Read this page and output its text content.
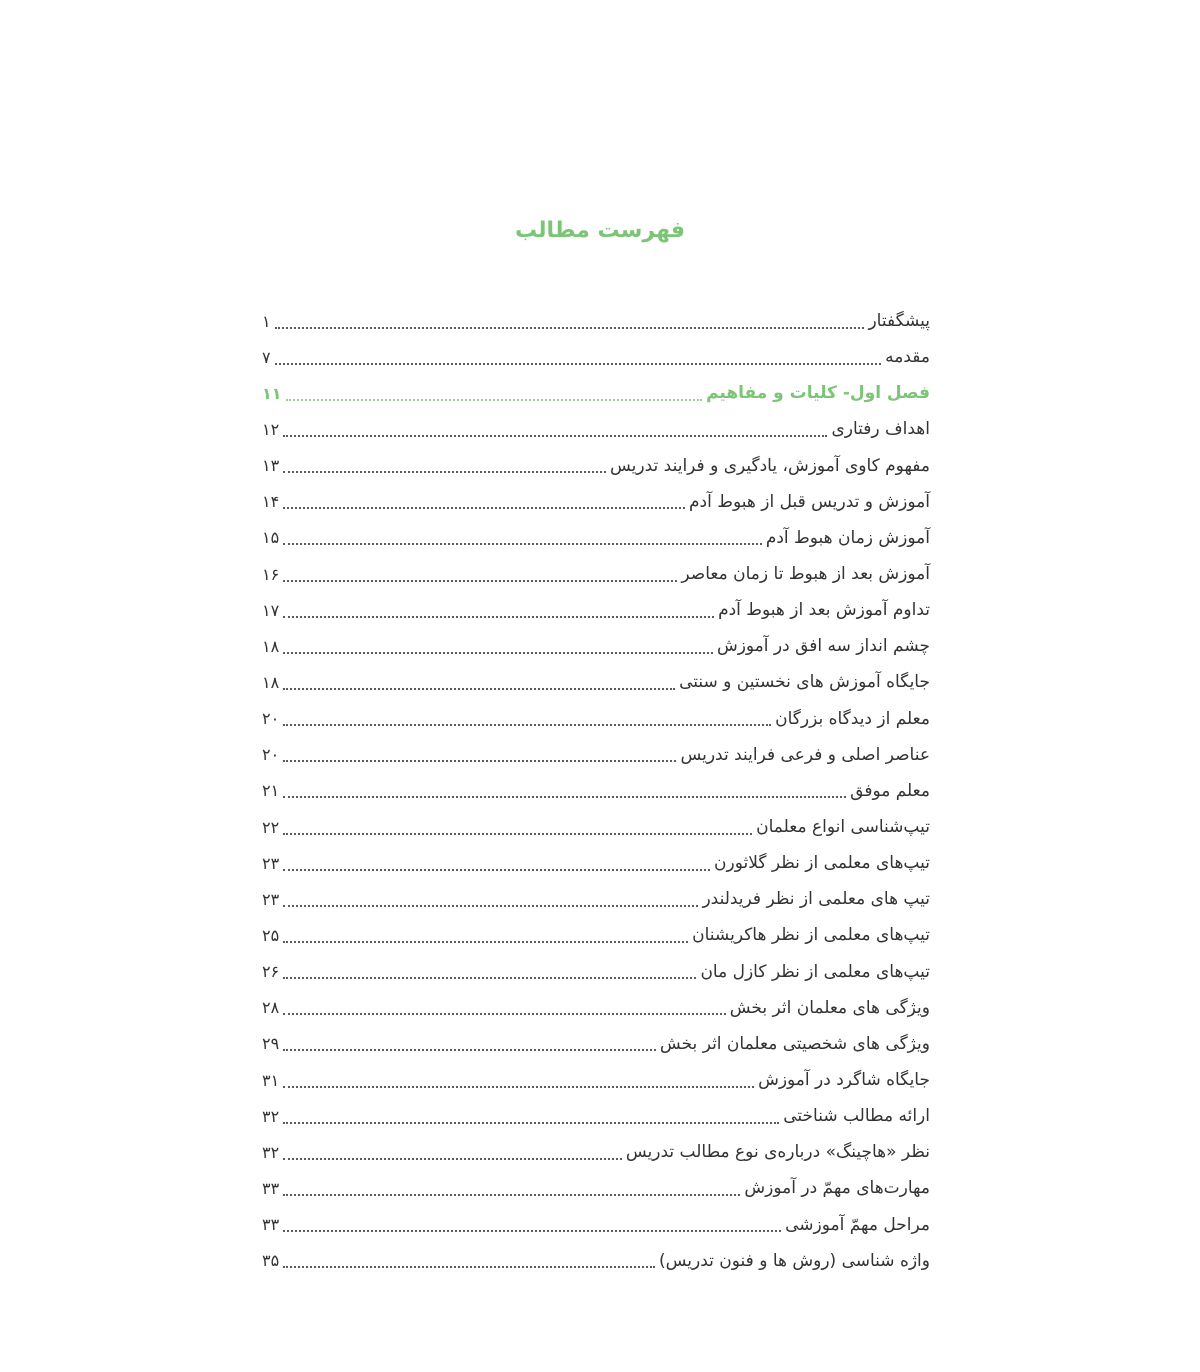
فهرست مطالب
پیشگفتار
۱
مقدمه
۷
فصل اول- کلیات و مفاهیم
۱۱
اهداف رفتاری
۱۲
مفهوم کاوی آموزش، یادگیری و فرایند تدریس
۱۳
آموزش و تدریس قبل از هبوط آدم
۱۴
آموزش زمان هبوط آدم
۱۵
آموزش بعد از هبوط تا زمان معاصر
۱۶
تداوم آموزش بعد از هبوط آدم
۱۷
چشم انداز سه افق در آموزش
۱۸
جایگاه آموزش های نخستین و سنتی
۱۸
معلم از دیدگاه بزرگان
۲۰
عناصر اصلی و فرعی فرایند تدریس
۲۰
معلم موفق
۲۱
تیپ‌شناسی انواع معلمان
۲۲
تیپ‌های معلمی از نظر گلاثورن
۲۳
تیپ های معلمی از نظر فریدلندر
۲۳
تیپ‌های معلمی از نظر هاکریشنان
۲۵
تیپ‌های معلمی از نظر کازل مان
۲۶
ویژگی های معلمان اثر بخش
۲۸
ویژگی های شخصیتی معلمان اثر بخش
۲۹
جایگاه شاگرد در آموزش
۳۱
ارائه مطالب شناختی
۳۲
نظر «هاچینگ» درباره‌ی نوع مطالب تدریس
۳۲
مهارت‌های مهمّ در آموزش
۳۳
مراحل مهمّ آموزشی
۳۳
واژه شناسی (روش ها و فنون تدریس)
۳۵
